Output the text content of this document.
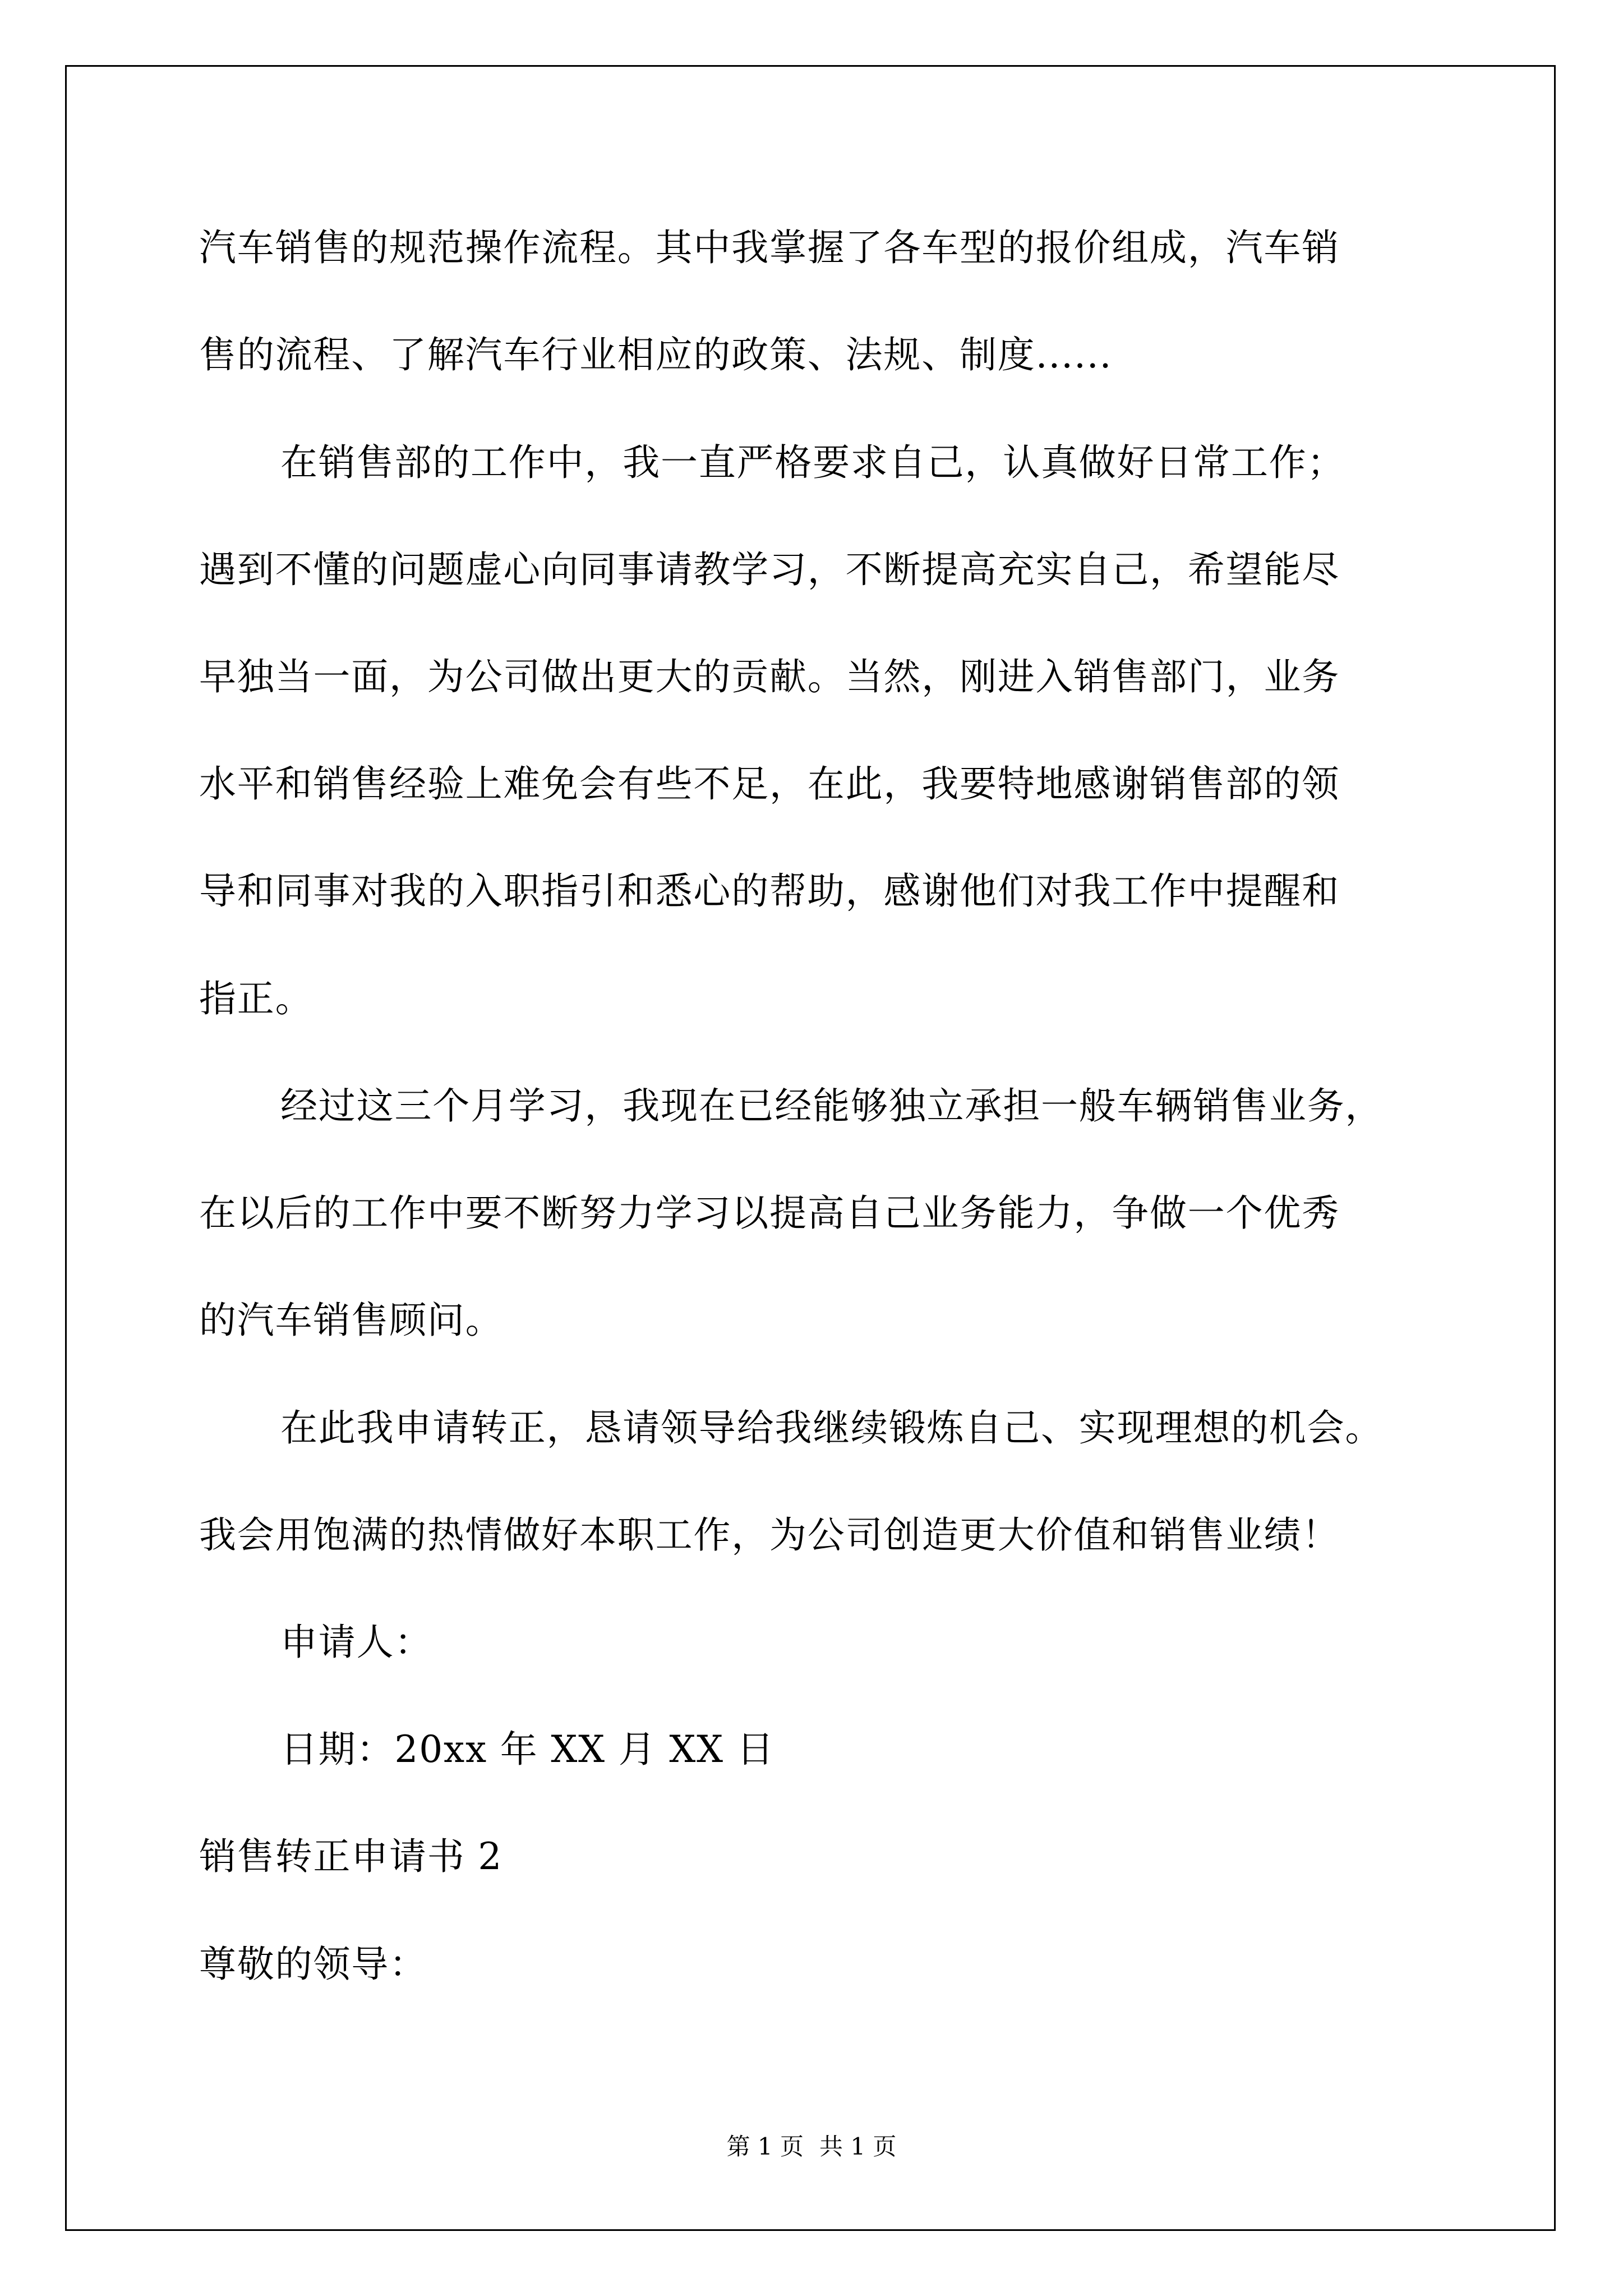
汽车销售的规范操作流程。其中我掌握了各车型的报价组成，汽车销
售的流程、了解汽车行业相应的政策、法规、制度......
在销售部的工作中，我一直严格要求自己，认真做好日常工作；
遇到不懂的问题虚心向同事请教学习，不断提高充实自己，希望能尽
早独当一面，为公司做出更大的贡献。当然，刚进入销售部门，业务
水平和销售经验上难免会有些不足，在此，我要特地感谢销售部的领
导和同事对我的入职指引和悉心的帮助，感谢他们对我工作中提醒和
指正。
经过这三个月学习，我现在已经能够独立承担一般车辆销售业务，
在以后的工作中要不断努力学习以提高自己业务能力，争做一个优秀
的汽车销售顾问。
在此我申请转正，恳请领导给我继续锻炼自己、实现理想的机会。
我会用饱满的热情做好本职工作，为公司创造更大价值和销售业绩！
申请人：
日期：20xx 年 XX 月 XX 日
销售转正申请书 2
尊敬的领导：
第 1 页 共 1 页
